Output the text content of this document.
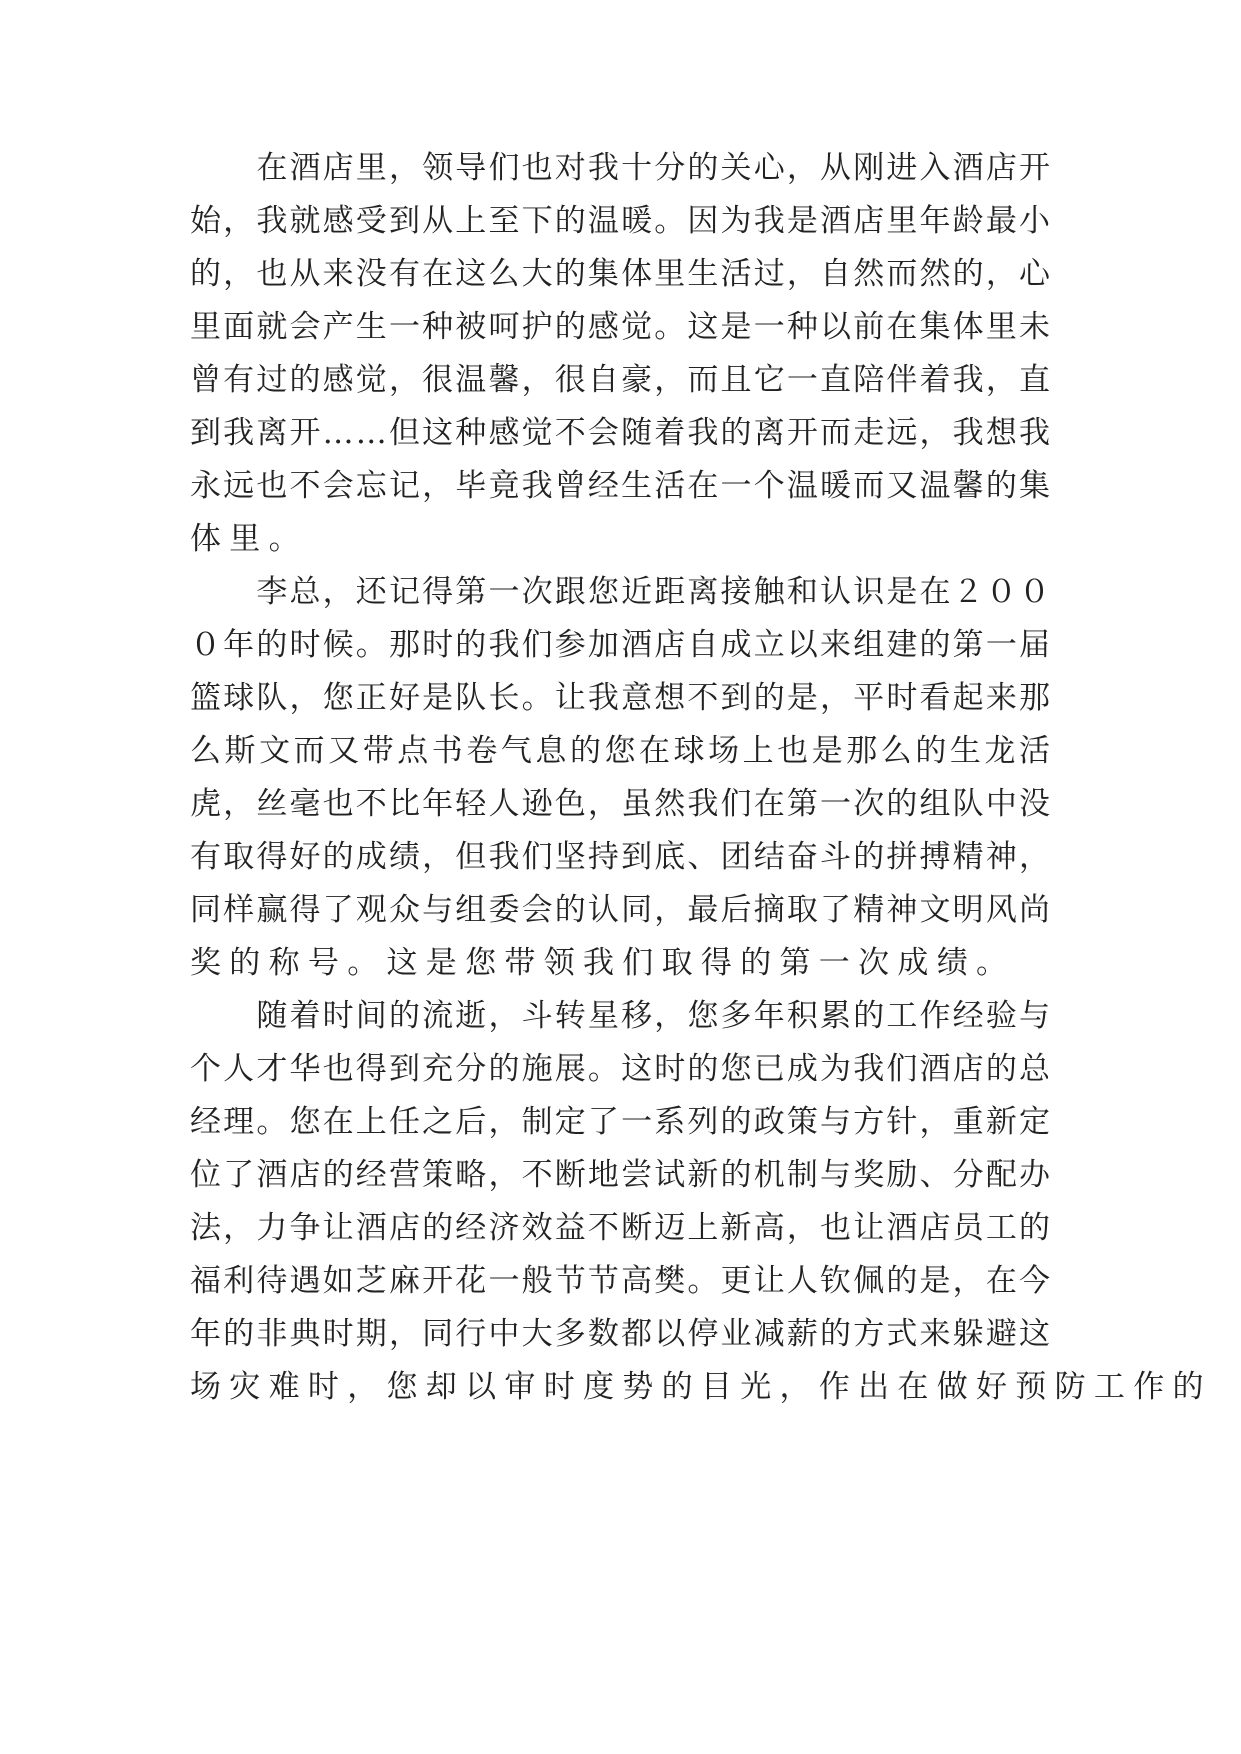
　　在酒店里，领导们也对我十分的关心，从刚进入酒店开
始，我就感受到从上至下的温暖。因为我是酒店里年龄最小
的，也从来没有在这么大的集体里生活过，自然而然的，心
里面就会产生一种被呵护的感觉。这是一种以前在集体里未
曾有过的感觉，很温馨，很自豪，而且它一直陪伴着我，直
到我离开……但这种感觉不会随着我的离开而走远，我想我
永远也不会忘记，毕竟我曾经生活在一个温暖而又温馨的集
体里。
　　李总，还记得第一次跟您近距离接触和认识是在２００
０年的时候。那时的我们参加酒店自成立以来组建的第一届
篮球队，您正好是队长。让我意想不到的是，平时看起来那
么斯文而又带点书卷气息的您在球场上也是那么的生龙活
虎，丝毫也不比年轻人逊色，虽然我们在第一次的组队中没
有取得好的成绩，但我们坚持到底、团结奋斗的拼搏精神，
同样赢得了观众与组委会的认同，最后摘取了精神文明风尚
奖的称号。这是您带领我们取得的第一次成绩。
　　随着时间的流逝，斗转星移，您多年积累的工作经验与
个人才华也得到充分的施展。这时的您已成为我们酒店的总
经理。您在上任之后，制定了一系列的政策与方针，重新定
位了酒店的经营策略，不断地尝试新的机制与奖励、分配办
法，力争让酒店的经济效益不断迈上新高，也让酒店员工的
福利待遇如芝麻开花一般节节高樊。更让人钦佩的是，在今
年的非典时期，同行中大多数都以停业减薪的方式来躲避这
场灾难时，您却以审时度势的目光，作出在做好预防工作的
